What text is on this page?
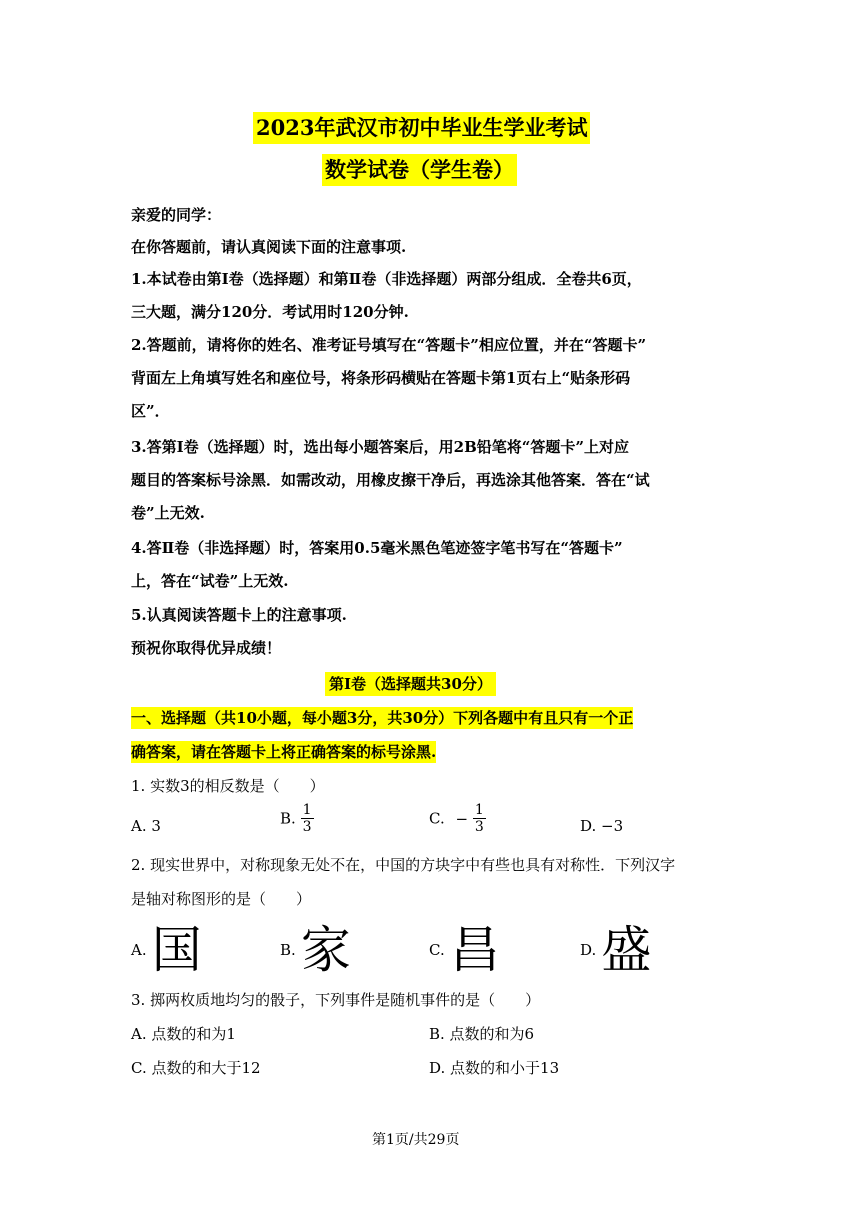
2023年武汉市初中毕业生学业考试
数学试卷（学生卷）
亲爱的同学：
在你答题前，请认真阅读下面的注意事项.
1.本试卷由第Ⅰ卷（选择题）和第Ⅱ卷（非选择题）两部分组成．全卷共6页，
三大题，满分120分．考试用时120分钟.
2.答题前，请将你的姓名、准考证号填写在“答题卡”相应位置，并在“答题卡”
背面左上角填写姓名和座位号，将条形码横贴在答题卡第1页右上“贴条形码
区”．
3.答第Ⅰ卷（选择题）时，选出每小题答案后，用2B铅笔将“答题卡”上对应
题目的答案标号涂黑．如需改动，用橡皮擦干净后，再选涂其他答案．答在“试
卷”上无效.
4.答Ⅱ卷（非选择题）时，答案用0.5毫米黑色笔迹签字笔书写在“答题卡”
上，答在“试卷”上无效.
5.认真阅读答题卡上的注意事项.
预祝你取得优异成绩！
第Ⅰ卷（选择题共30分）
一、选择题（共10小题，每小题3分，共30分）下列各题中有且只有一个正
确答案，请在答题卡上将正确答案的标号涂黑.
1. 实数3的相反数是（　　）
A. 3	B. $\frac{1}{3}$	C. − $\frac{1}{3}$	D. −3
2. 现实世界中，对称现象无处不在，中国的方块字中有些也具有对称性．下列汉字
是轴对称图形的是（　　）
A. 国	B. 家	C. 昌	D. 盛
3. 掷两枚质地均匀的骰子，下列事件是随机事件的是（　　）
A. 点数的和为1	B. 点数的和为6
C. 点数的和大于12	D. 点数的和小于13
第1页/共29页
